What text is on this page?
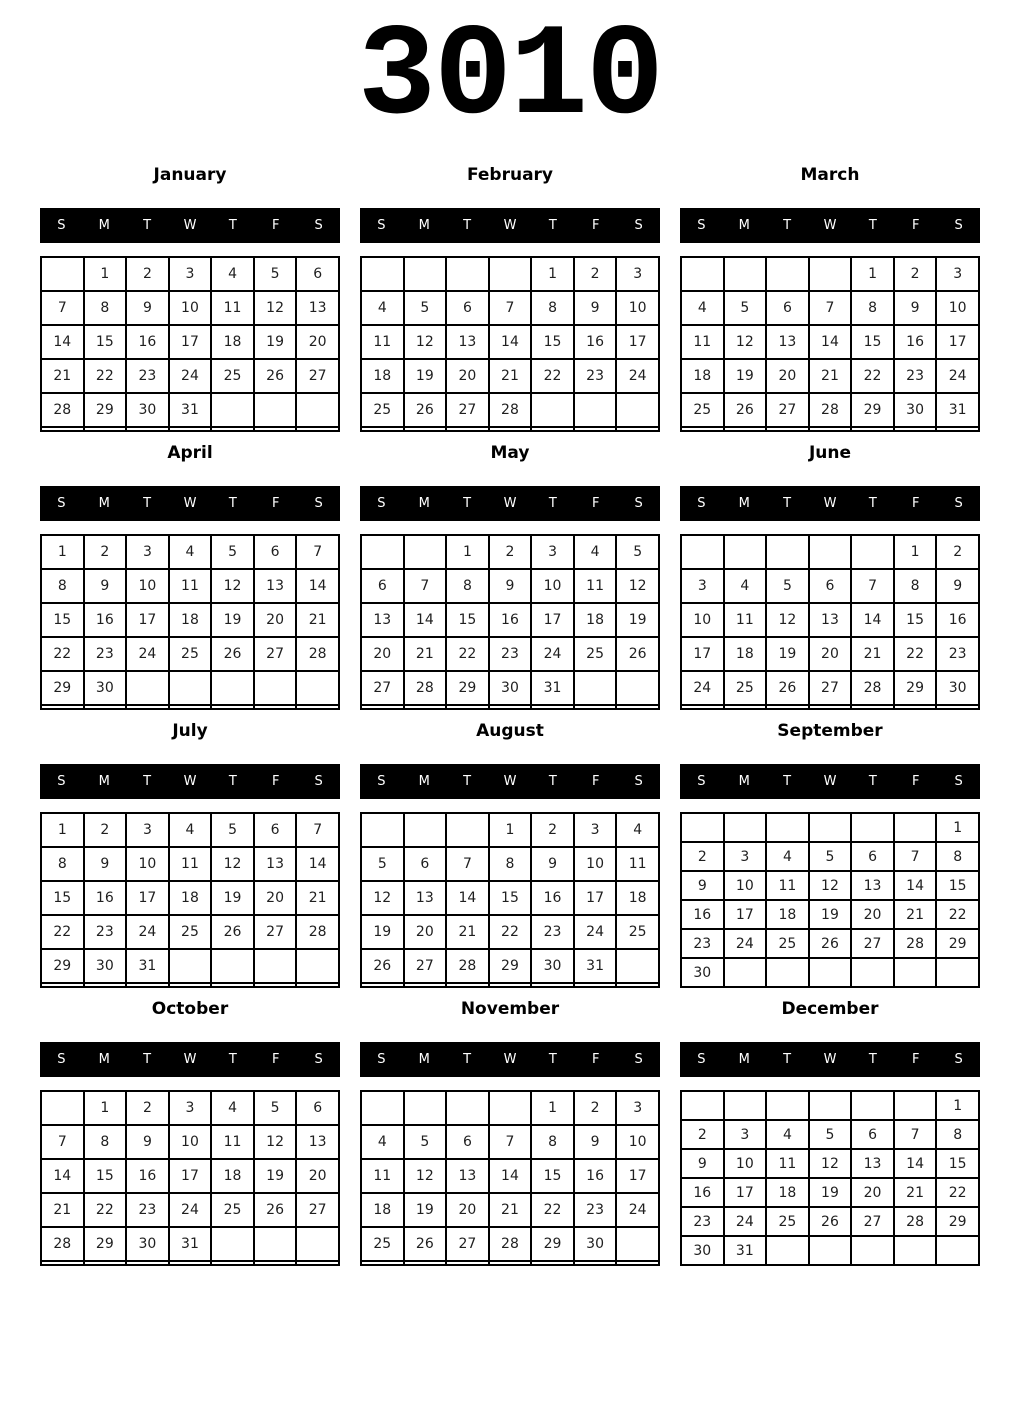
3010
January
S	M	T	W	T	F	S
	1	2	3	4	5	6
7	8	9	10	11	12	13
14	15	16	17	18	19	20
21	22	23	24	25	26	27
28	29	30	31			

February
S	M	T	W	T	F	S
				1	2	3
4	5	6	7	8	9	10
11	12	13	14	15	16	17
18	19	20	21	22	23	24
25	26	27	28			

March
S	M	T	W	T	F	S
				1	2	3
4	5	6	7	8	9	10
11	12	13	14	15	16	17
18	19	20	21	22	23	24
25	26	27	28	29	30	31

April
S	M	T	W	T	F	S
1	2	3	4	5	6	7
8	9	10	11	12	13	14
15	16	17	18	19	20	21
22	23	24	25	26	27	28
29	30					

May
S	M	T	W	T	F	S
		1	2	3	4	5
6	7	8	9	10	11	12
13	14	15	16	17	18	19
20	21	22	23	24	25	26
27	28	29	30	31		

June
S	M	T	W	T	F	S
					1	2
3	4	5	6	7	8	9
10	11	12	13	14	15	16
17	18	19	20	21	22	23
24	25	26	27	28	29	30

July
S	M	T	W	T	F	S
1	2	3	4	5	6	7
8	9	10	11	12	13	14
15	16	17	18	19	20	21
22	23	24	25	26	27	28
29	30	31				

August
S	M	T	W	T	F	S
			1	2	3	4
5	6	7	8	9	10	11
12	13	14	15	16	17	18
19	20	21	22	23	24	25
26	27	28	29	30	31	

September
S	M	T	W	T	F	S
						1
2	3	4	5	6	7	8
9	10	11	12	13	14	15
16	17	18	19	20	21	22
23	24	25	26	27	28	29
30						
October
S	M	T	W	T	F	S
	1	2	3	4	5	6
7	8	9	10	11	12	13
14	15	16	17	18	19	20
21	22	23	24	25	26	27
28	29	30	31			

November
S	M	T	W	T	F	S
				1	2	3
4	5	6	7	8	9	10
11	12	13	14	15	16	17
18	19	20	21	22	23	24
25	26	27	28	29	30	

December
S	M	T	W	T	F	S
						1
2	3	4	5	6	7	8
9	10	11	12	13	14	15
16	17	18	19	20	21	22
23	24	25	26	27	28	29
30	31					
